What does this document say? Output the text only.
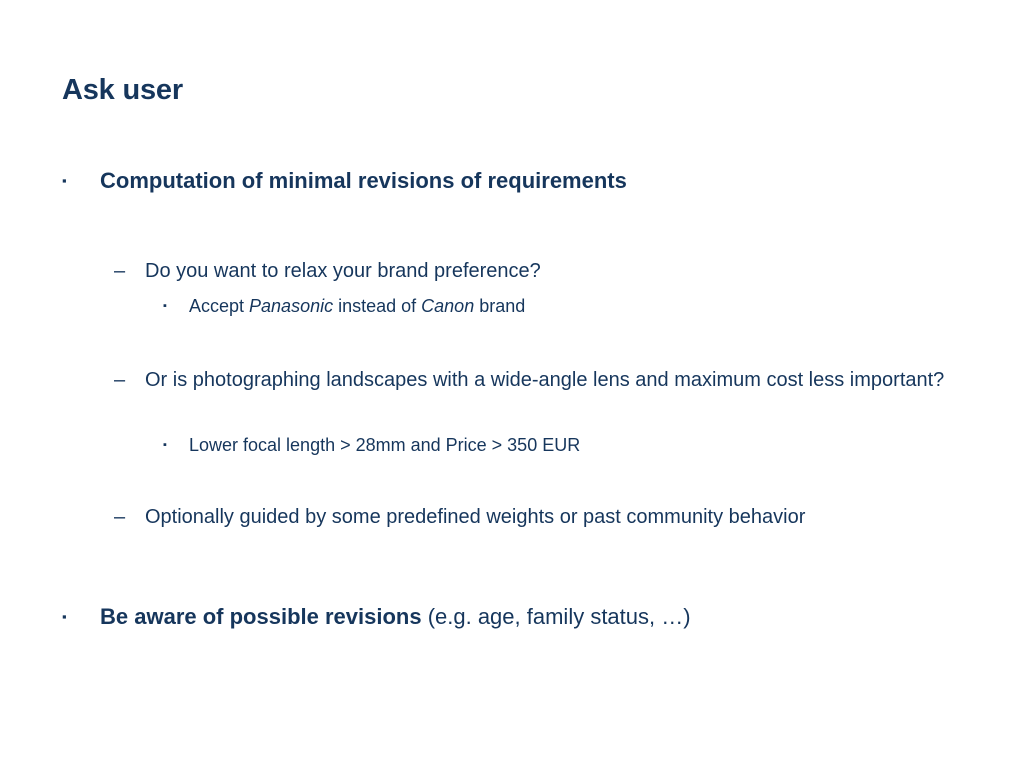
Ask user
▪	Computation of minimal revisions of requirements
– Do you want to relax your brand preference?
▪	Accept Panasonic instead of Canon brand
– Or is photographing landscapes with a wide-angle lens and maximum cost less important?
▪	Lower focal length > 28mm and Price > 350 EUR
– Optionally guided by some predefined weights or past community behavior
▪	Be aware of possible revisions (e.g. age, family status, …)
